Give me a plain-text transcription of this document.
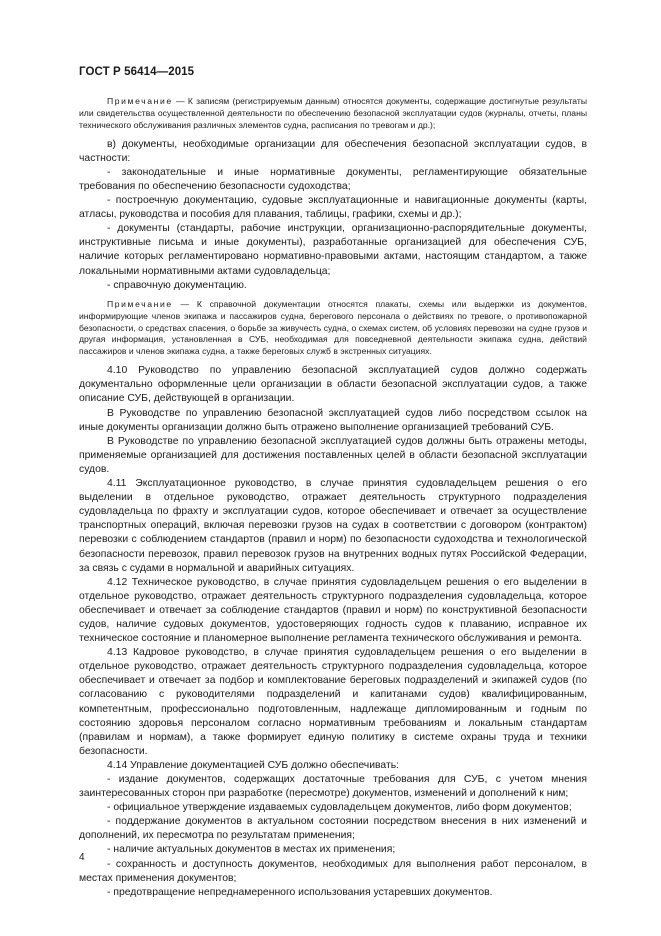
ГОСТ Р 56414—2015

Примечание — К записям (регистрируемым данным) относятся документы, содержащие достигнутые результаты или свидетельства осуществленной деятельности по обеспечению безопасной эксплуатации судов (журналы, отчеты, планы технического обслуживания различных элементов судна, расписания по тревогам и др.);

в) документы, необходимые организации для обеспечения безопасной эксплуатации судов, в частности:

- законодательные и иные нормативные документы, регламентирующие обязательные требования по обеспечению безопасности судоходства;

- построечную документацию, судовые эксплуатационные и навигационные документы (карты, атласы, руководства и пособия для плавания, таблицы, графики, схемы и др.);

- документы (стандарты, рабочие инструкции, организационно-распорядительные документы, инструктивные письма и иные документы), разработанные организацией для обеспечения СУБ, наличие которых регламентировано нормативно-правовыми актами, настоящим стандартом, а также локальными нормативными актами судовладельца;

- справочную документацию.

Примечание — К справочной документации относятся плакаты, схемы или выдержки из документов, информирующие членов экипажа и пассажиров судна, берегового персонала о действиях по тревоге, о противопожарной безопасности, о средствах спасения, о борьбе за живучесть судна, о схемах систем, об условиях перевозки на судне грузов и другая информация, установленная в СУБ, необходимая для повседневной деятельности экипажа судна, действий пассажиров и членов экипажа судна, а также береговых служб в экстренных ситуациях.

4.10 Руководство по управлению безопасной эксплуатацией судов должно содержать документально оформленные цели организации в области безопасной эксплуатации судов, а также описание СУБ, действующей в организации.

В Руководстве по управлению безопасной эксплуатацией судов либо посредством ссылок на иные документы организации должно быть отражено выполнение организацией требований СУБ.

В Руководстве по управлению безопасной эксплуатацией судов должны быть отражены методы, применяемые организацией для достижения поставленных целей в области безопасной эксплуатации судов.

4.11 Эксплуатационное руководство, в случае принятия судовладельцем решения о его выделении в отдельное руководство, отражает деятельность структурного подразделения судовладельца по фрахту и эксплуатации судов, которое обеспечивает и отвечает за осуществление транспортных операций, включая перевозки грузов на судах в соответствии с договором (контрактом) перевозки с соблюдением стандартов (правил и норм) по безопасности судоходства и технологической безопасности перевозок, правил перевозок грузов на внутренних водных путях Российской Федерации, за связь с судами в нормальной и аварийных ситуациях.

4.12 Техническое руководство, в случае принятия судовладельцем решения о его выделении в отдельное руководство, отражает деятельность структурного подразделения судовладельца, которое обеспечивает и отвечает за соблюдение стандартов (правил и норм) по конструктивной безопасности судов, наличие судовых документов, удостоверяющих годность судов к плаванию, исправное их техническое состояние и планомерное выполнение регламента технического обслуживания и ремонта.

4.13 Кадровое руководство, в случае принятия судовладельцем решения о его выделении в отдельное руководство, отражает деятельность структурного подразделения судовладельца, которое обеспечивает и отвечает за подбор и комплектование береговых подразделений и экипажей судов (по согласованию с руководителями подразделений и капитанами судов) квалифицированным, компетентным, профессионально подготовленным, надлежаще дипломированным и годным по состоянию здоровья персоналом согласно нормативным требованиям и локальным стандартам (правилам и нормам), а также формирует единую политику в системе охраны труда и техники безопасности.

4.14 Управление документацией СУБ должно обеспечивать:

- издание документов, содержащих достаточные требования для СУБ, с учетом мнения заинтересованных сторон при разработке (пересмотре) документов, изменений и дополнений к ним;

- официальное утверждение издаваемых судовладельцем документов, либо форм документов;

- поддержание документов в актуальном состоянии посредством внесения в них изменений и дополнений, их пересмотра по результатам применения;

- наличие актуальных документов в местах их применения;

- сохранность и доступность документов, необходимых для выполнения работ персоналом, в местах применения документов;

- предотвращение непреднамеренного использования устаревших документов.

4
